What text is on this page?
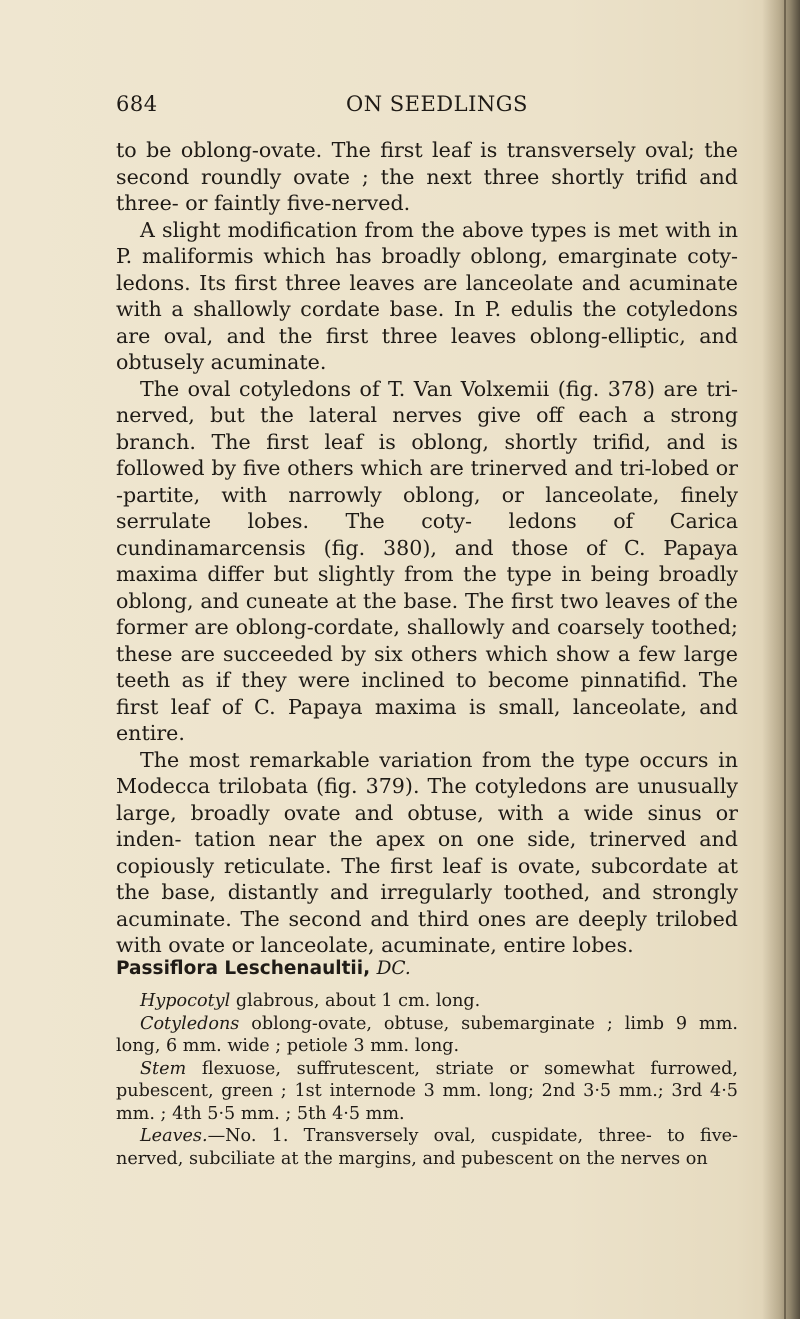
684	ON SEEDLINGS

to be oblong-ovate. The first leaf is transversely oval; the second roundly ovate ; the next three shortly trifid and three- or faintly five-nerved.

A slight modification from the above types is met with in P. maliformis which has broadly oblong, emarginate coty- ledons. Its first three leaves are lanceolate and acuminate with a shallowly cordate base. In P. edulis the cotyledons are oval, and the first three leaves oblong-elliptic, and obtusely acuminate.

The oval cotyledons of T. Van Volxemii (fig. 378) are tri- nerved, but the lateral nerves give off each a strong branch. The first leaf is oblong, shortly trifid, and is followed by five others which are trinerved and tri-lobed or -partite, with narrowly oblong, or lanceolate, finely serrulate lobes. The coty- ledons of Carica cundinamarcensis (fig. 380), and those of C. Papaya maxima differ but slightly from the type in being broadly oblong, and cuneate at the base. The first two leaves of the former are oblong-cordate, shallowly and coarsely toothed; these are succeeded by six others which show a few large teeth as if they were inclined to become pinnatifid. The first leaf of C. Papaya maxima is small, lanceolate, and entire.

The most remarkable variation from the type occurs in Modecca trilobata (fig. 379). The cotyledons are unusually large, broadly ovate and obtuse, with a wide sinus or inden- tation near the apex on one side, trinerved and copiously reticulate. The first leaf is ovate, subcordate at the base, distantly and irregularly toothed, and strongly acuminate. The second and third ones are deeply trilobed with ovate or lanceolate, acuminate, entire lobes.

Passiflora Leschenaultii, DC.

Hypocotyl glabrous, about 1 cm. long.

Cotyledons oblong-ovate, obtuse, subemarginate ; limb 9 mm. long, 6 mm. wide ; petiole 3 mm. long.

Stem flexuose, suffrutescent, striate or somewhat furrowed, pubescent, green ; 1st internode 3 mm. long; 2nd 3·5 mm.; 3rd 4·5 mm. ; 4th 5·5 mm. ; 5th 4·5 mm.

Leaves.—No. 1. Transversely oval, cuspidate, three- to five- nerved, subciliate at the margins, and pubescent on the nerves on
